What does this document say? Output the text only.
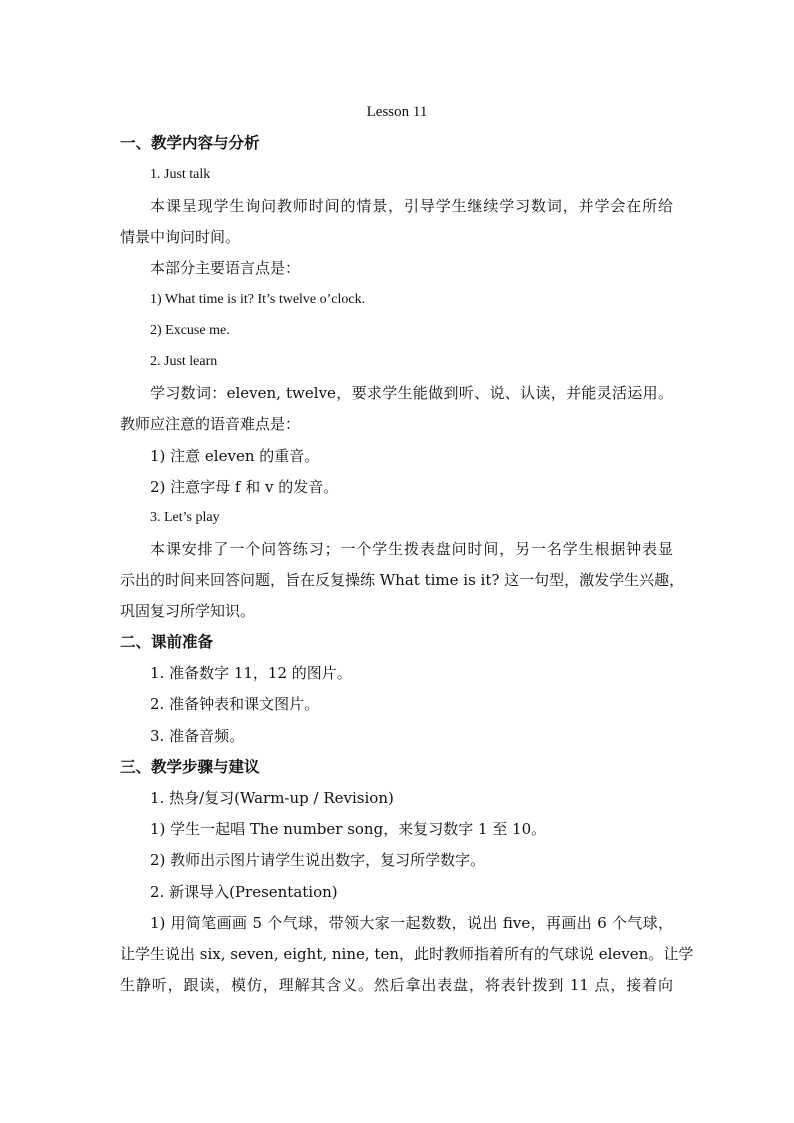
Lesson 11
一、教学内容与分析
1. Just talk
本课呈现学生询问教师时间的情景，引导学生继续学习数词，并学会在所给
情景中询问时间。
本部分主要语言点是：
1) What time is it? It’s twelve o’clock.
2) Excuse me.
2. Just learn
学习数词：eleven, twelve，要求学生能做到听、说、认读，并能灵活运用。
教师应注意的语音难点是：
1) 注意 eleven 的重音。
2) 注意字母 f 和 v 的发音。
3. Let’s play
本课安排了一个问答练习；一个学生拨表盘问时间，另一名学生根据钟表显
示出的时间来回答问题，旨在反复操练 What time is it? 这一句型，激发学生兴趣，
巩固复习所学知识。
二、课前准备
1. 准备数字 11，12 的图片。
2. 准备钟表和课文图片。
3. 准备音频。
三、教学步骤与建议
1. 热身/复习(Warm-up / Revision)
1) 学生一起唱 The number song，来复习数字 1 至 10。
2) 教师出示图片请学生说出数字，复习所学数字。
2. 新课导入(Presentation)
1) 用简笔画画 5 个气球，带领大家一起数数，说出 five，再画出 6 个气球，
让学生说出 six, seven, eight, nine, ten，此时教师指着所有的气球说 eleven。让学
生静听，跟读，模仿，理解其含义。然后拿出表盘，将表针拨到 11 点，接着向
